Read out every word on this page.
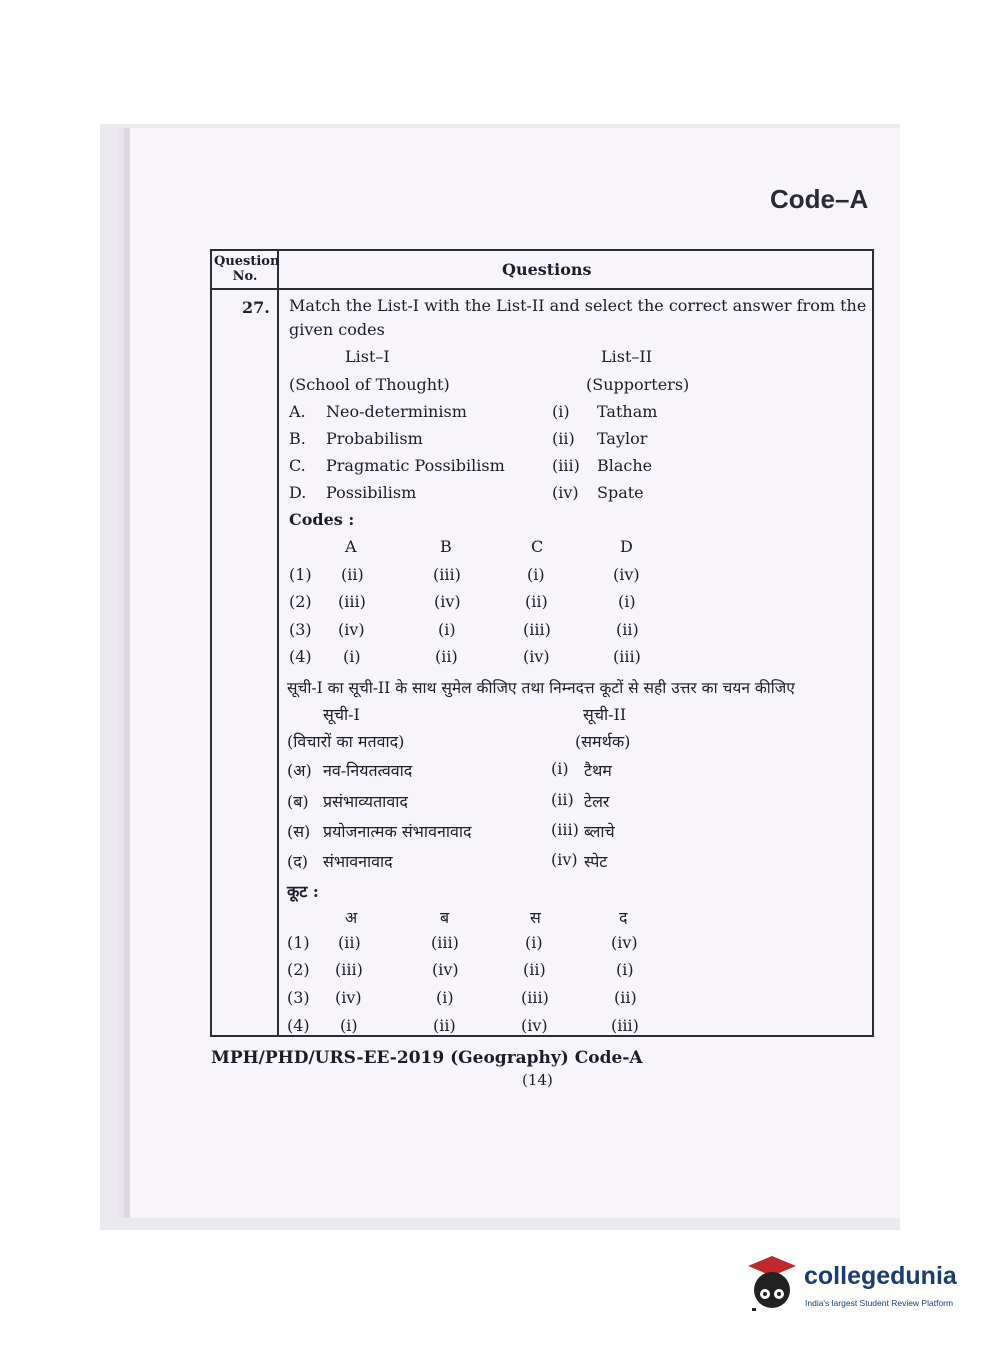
Code–A
Question
No.	Questions
27. Match the List-I with the List-II and select the correct answer from the
given codes
List–I	List–II
(School of Thought)	(Supporters)
A. Neo-determinism	(i) Tatham
B. Probabilism	(ii) Taylor
C. Pragmatic Possibilism	(iii) Blache
D. Possibilism	(iv) Spate
Codes :
A	B	C	D
(1) (ii)	(iii)	(i)	(iv)
(2) (iii)	(iv)	(ii)	(i)
(3) (iv)	(i)	(iii)	(ii)
(4) (i)	(ii)	(iv)	(iii)
सूची-I का सूची-II के साथ सुमेल कीजिए तथा निम्नदत्त कूटों से सही उत्तर का चयन कीजिए
सूची-I	सूची-II
(विचारों का मतवाद)	(समर्थक)
(अ) नव-नियतत्ववाद	(i) टैथम
(ब) प्रसंभाव्यतावाद	(ii) टेलर
(स) प्रयोजनात्मक संभावनावाद	(iii) ब्लाचे
(द) संभावनावाद	(iv) स्पेट
कूट :
अ	ब	स	द
(1) (ii)	(iii)	(i)	(iv)
(2) (iii)	(iv)	(ii)	(i)
(3) (iv)	(i)	(iii)	(ii)
(4) (i)	(ii)	(iv)	(iii)
MPH/PHD/URS-EE-2019 (Geography) Code-A
(14)
collegedunia
India's largest Student Review Platform
